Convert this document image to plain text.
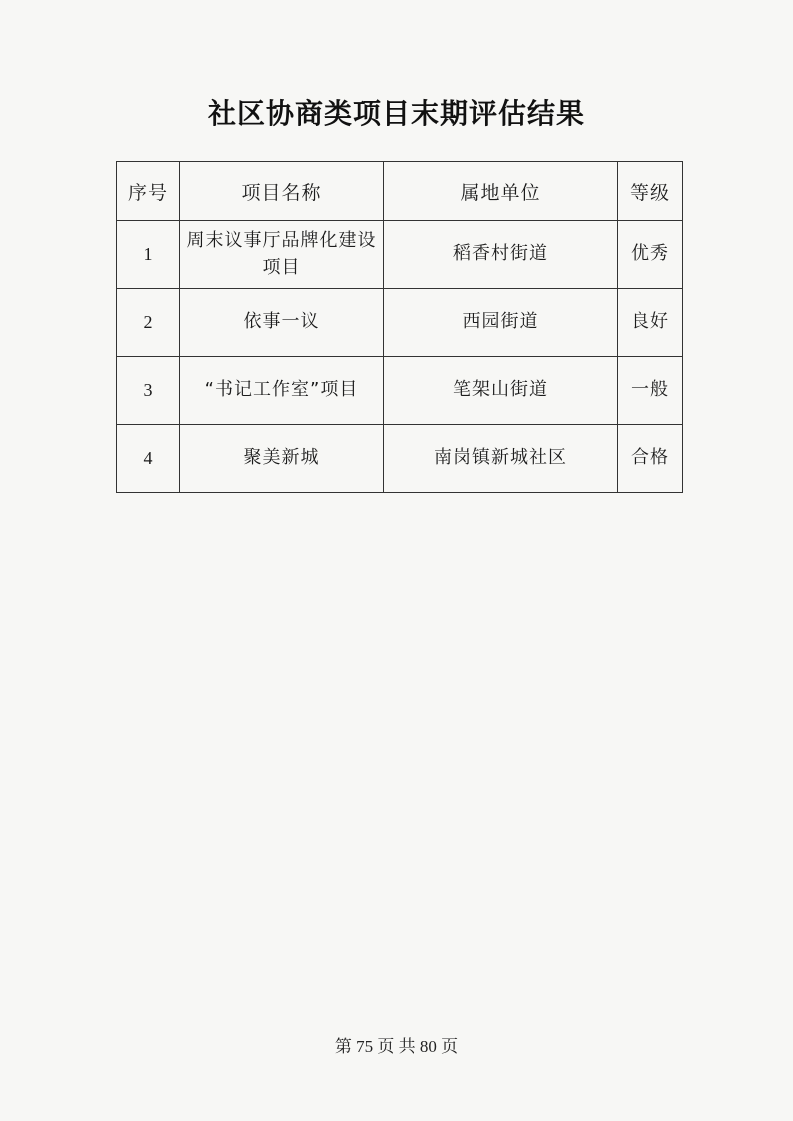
社区协商类项目末期评估结果
序号	项目名称	属地单位	等级
1	周末议事厅品牌化建设项目	稻香村街道	优秀
2	依事一议	西园街道	良好
3	“书记工作室”项目	笔架山街道	一般
4	聚美新城	南岗镇新城社区	合格
第 75 页 共 80 页
